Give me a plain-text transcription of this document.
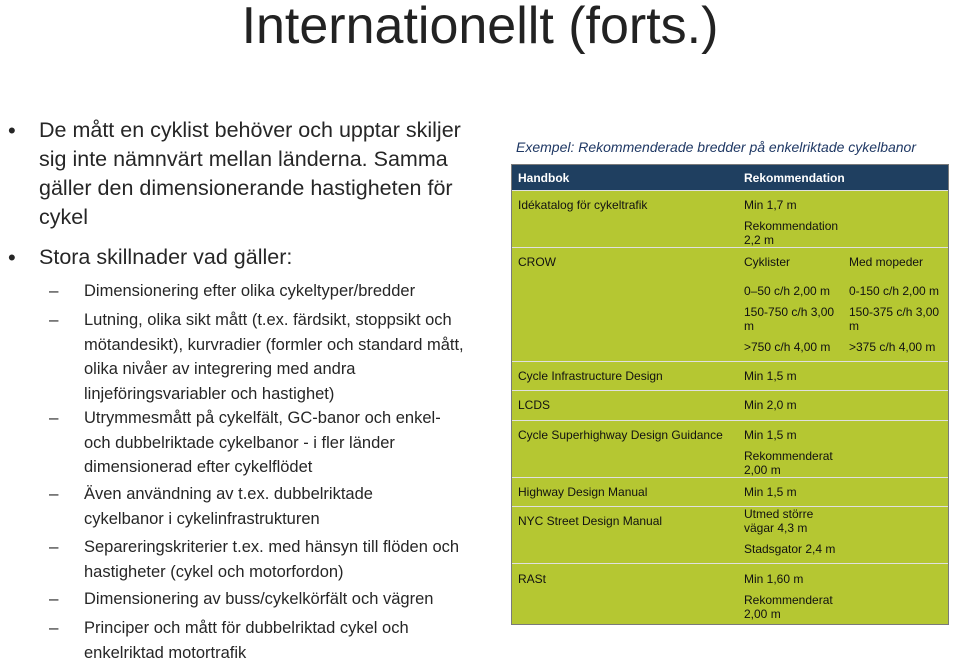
Internationellt (forts.)
• De mått en cyklist behöver och upptar skiljer sig inte nämnvärt mellan länderna. Samma gäller den dimensionerande hastigheten för cykel
• Stora skillnader vad gäller:
– Dimensionering efter olika cykeltyper/bredder
– Lutning, olika sikt mått (t.ex. färdsikt, stoppsikt och mötandesikt), kurvradier (formler och standard mått, olika nivåer av integrering med andra linjeföringsvariabler och hastighet)
– Utrymmesmått på cykelfält, GC-banor och enkel- och dubbelriktade cykelbanor - i fler länder dimensionerad efter cykelflödet
– Även användning av t.ex. dubbelriktade cykelbanor i cykelinfrastrukturen
– Separeringskriterier t.ex. med hänsyn till flöden och hastigheter (cykel och motorfordon)
– Dimensionering av buss/cykelkörfält och vägren
– Principer och mått för dubbelriktad cykel och enkelriktad motortrafik
Exempel: Rekommenderade bredder på enkelriktade cykelbanor
Handbok	Rekommendation	
Idékatalog för cykeltrafik	Min 1,7 m	
	Rekommendation 2,2 m	
CROW	Cyklister	Med mopeder
	0–50 c/h 2,00 m	0-150 c/h 2,00 m
	150-750 c/h 3,00 m	150-375 c/h 3,00 m
	>750 c/h 4,00 m	>375 c/h 4,00 m
Cycle Infrastructure Design	Min 1,5 m	
LCDS	Min 2,0 m	
Cycle Superhighway Design Guidance	Min 1,5 m	
	Rekommenderat 2,00 m	
Highway Design Manual	Min 1,5 m	
NYC Street Design Manual	Utmed större vägar 4,3 m	
	Stadsgator 2,4 m	
RASt	Min 1,60 m	
	Rekommenderat 2,00 m	
